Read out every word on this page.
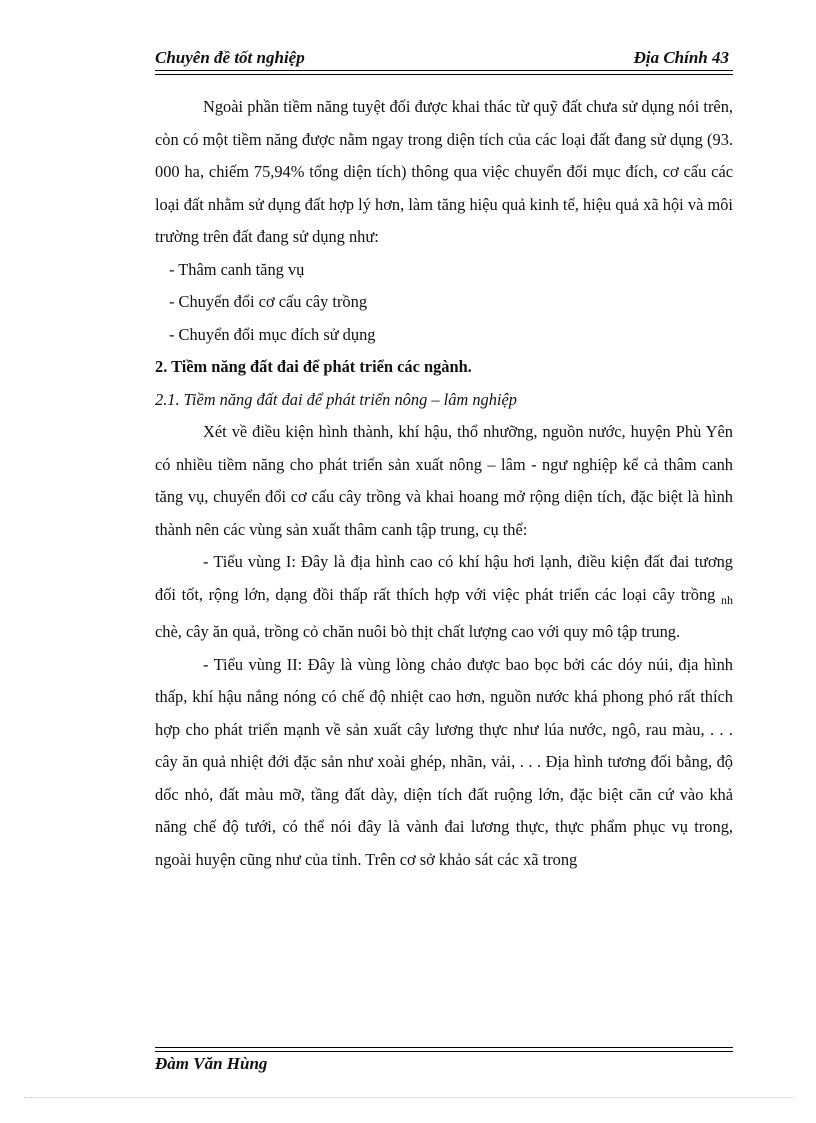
Chuyên đề tốt nghiệp	Địa Chính 43

Ngoài phần tiềm năng tuyệt đối được khai thác từ quỹ đất chưa sử dụng nói trên, còn có một tiềm năng được nằm ngay trong diện tích của các loại đất đang sử dụng (93. 000 ha, chiếm 75,94% tổng diện tích) thông qua việc chuyển đổi mục đích, cơ cấu các loại đất nhằm sử dụng đất hợp lý hơn, làm tăng hiệu quả kinh tế, hiệu quả xã hội và môi trường trên đất đang sử dụng như:

- Thâm canh tăng vụ

- Chuyển đổi cơ cấu cây trồng

- Chuyển đổi mục đích sử dụng

2. Tiềm năng đất đai để phát triển các ngành.

2.1. Tiềm năng đất đai để phát triển nông – lâm nghiệp

Xét về điều kiện hình thành, khí hậu, thổ nhưỡng, nguồn nước, huyện Phù Yên có nhiều tiềm năng cho phát triển sản xuất nông – lâm - ngư nghiệp kể cả thâm canh tăng vụ, chuyển đổi cơ cấu cây trồng và khai hoang mở rộng diện tích, đặc biệt là hình thành nên các vùng sản xuất thâm canh tập trung, cụ thể:

- Tiểu vùng I: Đây là địa hình cao có khí hậu hơi lạnh, điều kiện đất đai tương đối tốt, rộng lớn, dạng đồi thấp rất thích hợp với việc phát triển các loại cây trồng $_{nh}$ chè, cây ăn quả, trồng cỏ chăn nuôi bò thịt chất lượng cao với quy mô tập trung.

- Tiểu vùng II: Đây là vùng lòng chảo được bao bọc bởi các dóy núi, địa hình thấp, khí hậu nắng nóng có chế độ nhiệt cao hơn, nguồn nước khá phong phó rất thích hợp cho phát triển mạnh về sản xuất cây lương thực như lúa nước, ngô, rau màu, . . . cây ăn quả nhiệt đới đặc sản như xoài ghép, nhãn, vải, . . . Địa hình tương đối bằng, độ dốc nhỏ, đất màu mỡ, tầng đất dày, diện tích đất ruộng lớn, đặc biệt căn cứ vào khả năng chế độ tưới, có thể nói đây là vành đai lương thực, thực phẩm phục vụ trong, ngoài huyện cũng như của tỉnh. Trên cơ sở khảo sát các xã trong

Đàm Văn Hùng
